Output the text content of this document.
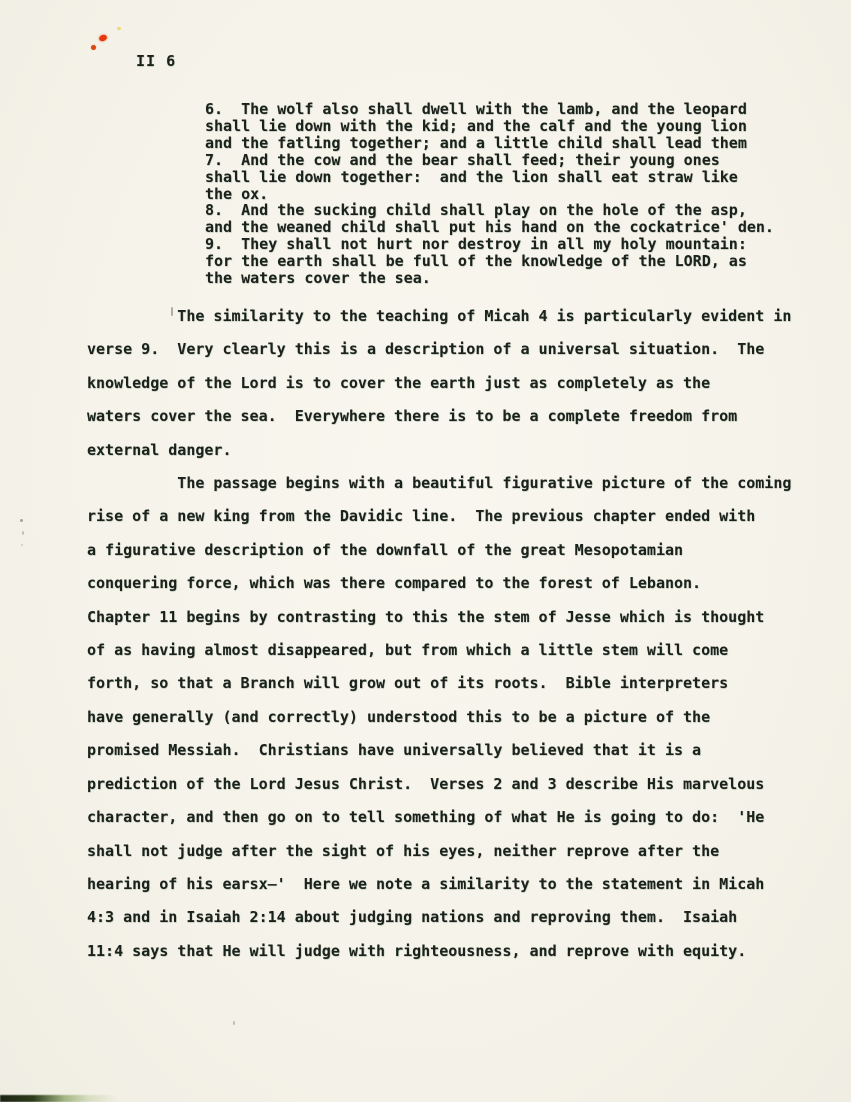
II 6
6.  The wolf also shall dwell with the lamb, and the leopard
shall lie down with the kid; and the calf and the young lion
and the fatling together; and a little child shall lead them
7.  And the cow and the bear shall feed; their young ones
shall lie down together:  and the lion shall eat straw like
the ox.
8.  And the sucking child shall play on the hole of the asp,
and the weaned child shall put his hand on the cockatrice' den.
9.  They shall not hurt nor destroy in all my holy mountain:
for the earth shall be full of the knowledge of the LORD, as
the waters cover the sea.
The similarity to the teaching of Micah 4 is particularly evident in
verse 9.  Very clearly this is a description of a universal situation.  The
knowledge of the Lord is to cover the earth just as completely as the
waters cover the sea.  Everywhere there is to be a complete freedom from
external danger.
The passage begins with a beautiful figurative picture of the coming
rise of a new king from the Davidic line.  The previous chapter ended with
a figurative description of the downfall of the great Mesopotamian
conquering force, which was there compared to the forest of Lebanon.
Chapter 11 begins by contrasting to this the stem of Jesse which is thought
of as having almost disappeared, but from which a little stem will come
forth, so that a Branch will grow out of its roots.  Bible interpreters
have generally (and correctly) understood this to be a picture of the
promised Messiah.  Christians have universally believed that it is a
prediction of the Lord Jesus Christ.  Verses 2 and 3 describe His marvelous
character, and then go on to tell something of what He is going to do:  'He
shall not judge after the sight of his eyes, neither reprove after the
hearing of his earsx̶'  Here we note a similarity to the statement in Micah
4:3 and in Isaiah 2:14 about judging nations and reproving them.  Isaiah
11:4 says that He will judge with righteousness, and reprove with equity.
